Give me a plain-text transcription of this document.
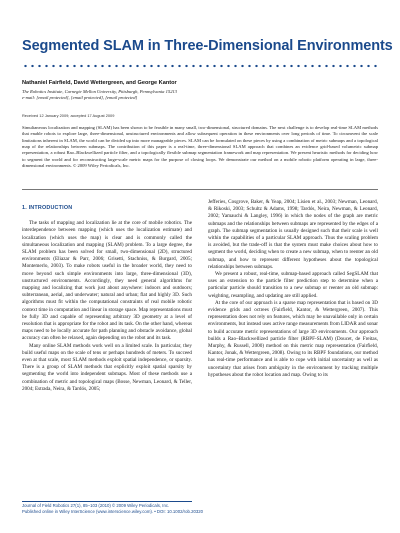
Segmented SLAM in Three-Dimensional Environments
Nathaniel Fairfield, David Wettergreen, and George Kantor
The Robotics Institute, Carnegie Mellon University, Pittsburgh, Pennsylvania 15213
e-mail: [email protected], [email protected], [email protected]
Received 12 January 2009; accepted 17 August 2009
Simultaneous localization and mapping (SLAM) has been shown to be feasible in many small, two-dimensional, structured domains. The next challenge is to develop real-time SLAM methods that enable robots to explore large, three-dimensional, unstructured environments and allow subsequent operation in these environments over long periods of time. To circumvent the scale limitations inherent in SLAM, the world can be divided up into more manageable pieces. SLAM can be formulated on these pieces by using a combination of metric submaps and a topological map of the relationships between submaps. The contribution of this paper is a real-time, three-dimensional SLAM approach that combines an evidence grid-based volumetric submap representation, a robust Rao–Blackwellized particle filter, and a topologically flexible submap segmentation framework and map representation. We present heuristic methods for deciding how to segment the world and for reconstructing large-scale metric maps for the purpose of closing loops. We demonstrate our method on a mobile robotic platform operating in large, three-dimensional environments. © 2009 Wiley Periodicals, Inc.
1. INTRODUCTION

The tasks of mapping and localization lie at the core of mobile robotics. The interdependence between mapping (which uses the localization estimate) and localization (which uses the map) is clear and is commonly called the simultaneous localization and mapping (SLAM) problem. To a large degree, the SLAM problem has been solved for small, two-dimensional (2D), structured environments (Eliazar & Parr, 2006; Grisetti, Stachniss, & Burgard, 2005; Montemerlo, 2003). To make robots useful in the broader world, they need to move beyond such simple environments into large, three-dimensional (3D), unstructured environments. Accordingly, they need general algorithms for mapping and localizing that work just about anywhere: indoors and outdoors; subterranean, aerial, and underwater; natural and urban; flat and highly 3D. Such algorithms must fit within the computational constraints of real mobile robotic context time in computation and linear in storage space. Map representations must be fully 3D and capable of representing arbitrary 3D geometry at a level of resolution that is appropriate for the robot and its task. On the other hand, whereas maps need to be locally accurate for path planning and obstacle avoidance, global accuracy can often be relaxed, again depending on the robot and its task.

Many online SLAM methods work well on a limited scale. In particular, they build useful maps on the scale of tens or perhaps hundreds of meters. To succeed even at that scale, most SLAM methods exploit spatial independence, or sparsity. There is a group of SLAM methods that explicitly exploit spatial sparsity by segmenting the world into independent submaps. Most of these methods use a combination of metric and topological maps (Bosse, Newman, Leonard, & Teller, 2004; Estrada, Neira, & Tardós, 2005;

Jefferies, Cosgrove, Baker, & Yeap, 2004; Lisien et al., 2003; Newman, Leonard, & Rikoski, 2003; Schultz & Adams, 1998; Tardós, Neira, Newman, & Leonard, 2002; Yamauchi & Langley, 1996) in which the nodes of the graph are metric submaps and the relationships between submaps are represented by the edges of a graph. The submap segmentation is usually designed such that their scale is well within the capabilities of a particular SLAM approach. Thus the scaling problem is avoided, but the trade-off is that the system must make choices about how to segment the world, deciding when to create a new submap, when to reenter an old submap, and how to represent different hypotheses about the topological relationships between submaps.

We present a robust, real-time, submap-based approach called SegSLAM that uses an extension to the particle filter prediction step to determine when a particular particle should transition to a new submap or reenter an old submap: weighting, resampling, and updating are still applied.

At the core of our approach is a sparse map representation that is based on 3D evidence grids and octrees (Fairfield, Kantor, & Wettergreen, 2007). This representation does not rely on features, which may be unavailable only in certain environments, but instead uses active range measurements from LIDAR and sonar to build accurate metric representations of large 3D environments. Our approach builds a Rao–Blackwellized particle filter (RBPF-SLAM) (Doucet, de Freitas, Murphy, & Russell, 2000) method on this metric map representation (Fairfield, Kantor, Jonak, & Wettergreen, 2008). Owing to its RBPF foundations, our method has real-time performance and is able to cope with initial uncertainty as well as uncertainty that arises from ambiguity in the environment by tracking multiple hypotheses about the robot location and map. Owing to its

Journal of Field Robotics 27(1), 85–103 (2010) © 2009 Wiley Periodicals, Inc.
Published online in Wiley InterScience (www.interscience.wiley.com). • DOI: 10.1002/rob.20320
